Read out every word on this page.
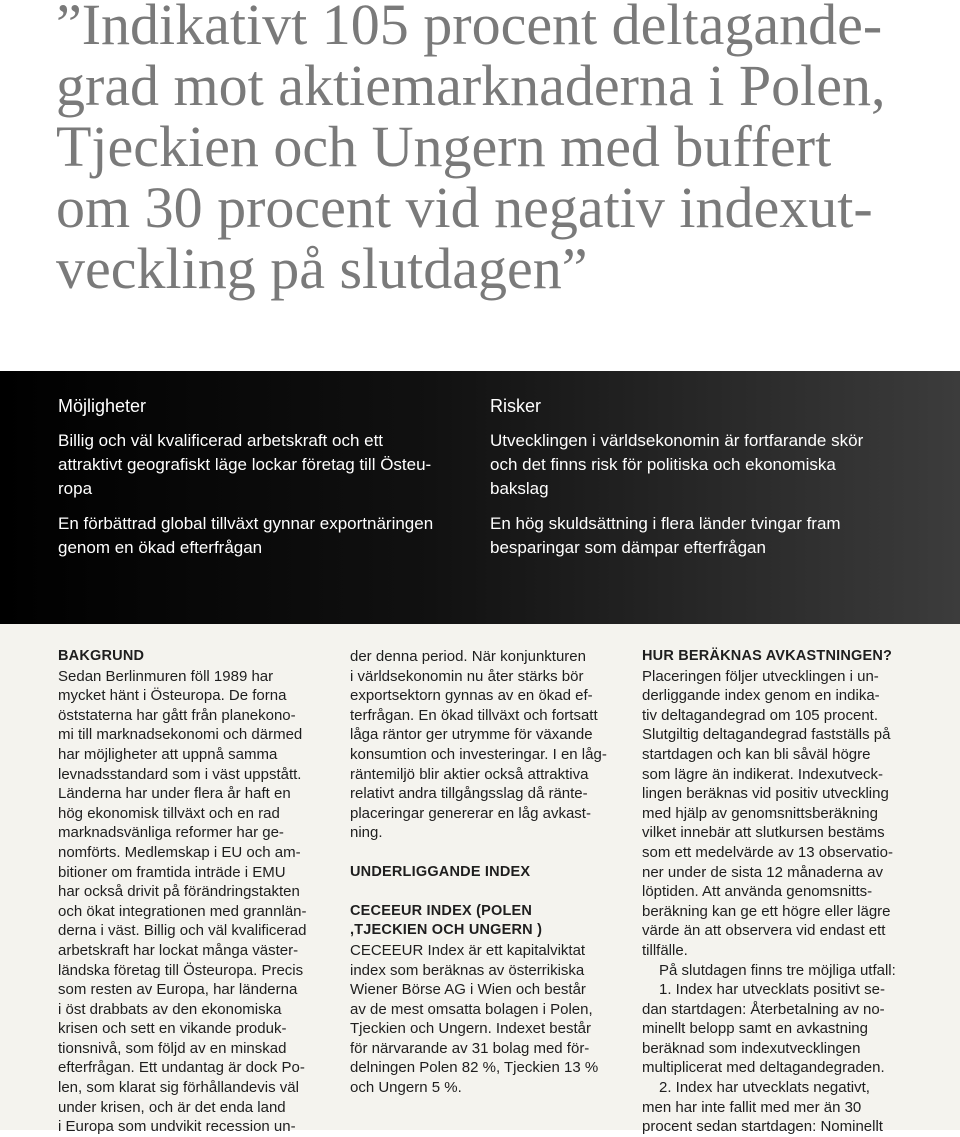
”Indikativt 105 procent deltagande-
grad mot aktiemarknaderna i Polen,
Tjeckien och Ungern med buffert
om 30 procent vid negativ indexut-
veckling på slutdagen”
Möjligheter

Billig och väl kvalificerad arbetskraft och ett
attraktivt geografiskt läge lockar företag till Östeu-
ropa

En förbättrad global tillväxt gynnar exportnäringen
genom en ökad efterfrågan

Risker

Utvecklingen i världsekonomin är fortfarande skör
och det finns risk för politiska och ekonomiska
bakslag

En hög skuldsättning i flera länder tvingar fram
besparingar som dämpar efterfrågan

BAKGRUND
Sedan Berlinmuren föll 1989 har
mycket hänt i Östeuropa. De forna
öststaterna har gått från planekono-
mi till marknadsekonomi och därmed
har möjligheter att uppnå samma
levnadsstandard som i väst uppstått.
Länderna har under flera år haft en
hög ekonomisk tillväxt och en rad
marknadsvänliga reformer har ge-
nomförts. Medlemskap i EU och am-
bitioner om framtida inträde i EMU
har också drivit på förändringstakten
och ökat integrationen med grannlän-
derna i väst. Billig och väl kvalificerad
arbetskraft har lockat många väster-
ländska företag till Östeuropa. Precis
som resten av Europa, har länderna
i öst drabbats av den ekonomiska
krisen och sett en vikande produk-
tionsnivå, som följd av en minskad
efterfrågan. Ett undantag är dock Po-
len, som klarat sig förhållandevis väl
under krisen, och är det enda land
i Europa som undvikit recession un-
der denna period. När konjunkturen
i världsekonomin nu åter stärks bör
exportsektorn gynnas av en ökad ef-
terfrågan. En ökad tillväxt och fortsatt
låga räntor ger utrymme för växande
konsumtion och investeringar. I en låg-
räntemiljö blir aktier också attraktiva
relativt andra tillgångsslag då ränte-
placeringar genererar en låg avkast-
ning.
UNDERLIGGANDE INDEX
CECEEUR INDEX (POLEN
,TJECKIEN OCH UNGERN )
CECEEUR Index är ett kapitalviktat
index som beräknas av österrikiska
Wiener Börse AG i Wien och består
av de mest omsatta bolagen i Polen,
Tjeckien och Ungern. Indexet består
för närvarande av 31 bolag med för-
delningen Polen 82 %, Tjeckien 13 %
och Ungern 5 %.
HUR BERÄKNAS AVKASTNINGEN?
Placeringen följer utvecklingen i un-
derliggande index genom en indika-
tiv deltagandegrad om 105 procent.
Slutgiltig deltagandegrad fastställs på
startdagen och kan bli såväl högre
som lägre än indikerat. Indexutveck-
lingen beräknas vid positiv utveckling
med hjälp av genomsnittsberäkning
vilket innebär att slutkursen bestäms
som ett medelvärde av 13 observatio-
ner under de sista 12 månaderna av
löptiden. Att använda genomsnitts-
beräkning kan ge ett högre eller lägre
värde än att observera vid endast ett
tillfälle.
På slutdagen finns tre möjliga utfall:
1. Index har utvecklats positivt se-
dan startdagen: Återbetalning av no-
minellt belopp samt en avkastning
beräknad som indexutvecklingen
multiplicerat med deltagandegraden.
2. Index har utvecklats negativt,
men har inte fallit med mer än 30
procent sedan startdagen: Nominellt
